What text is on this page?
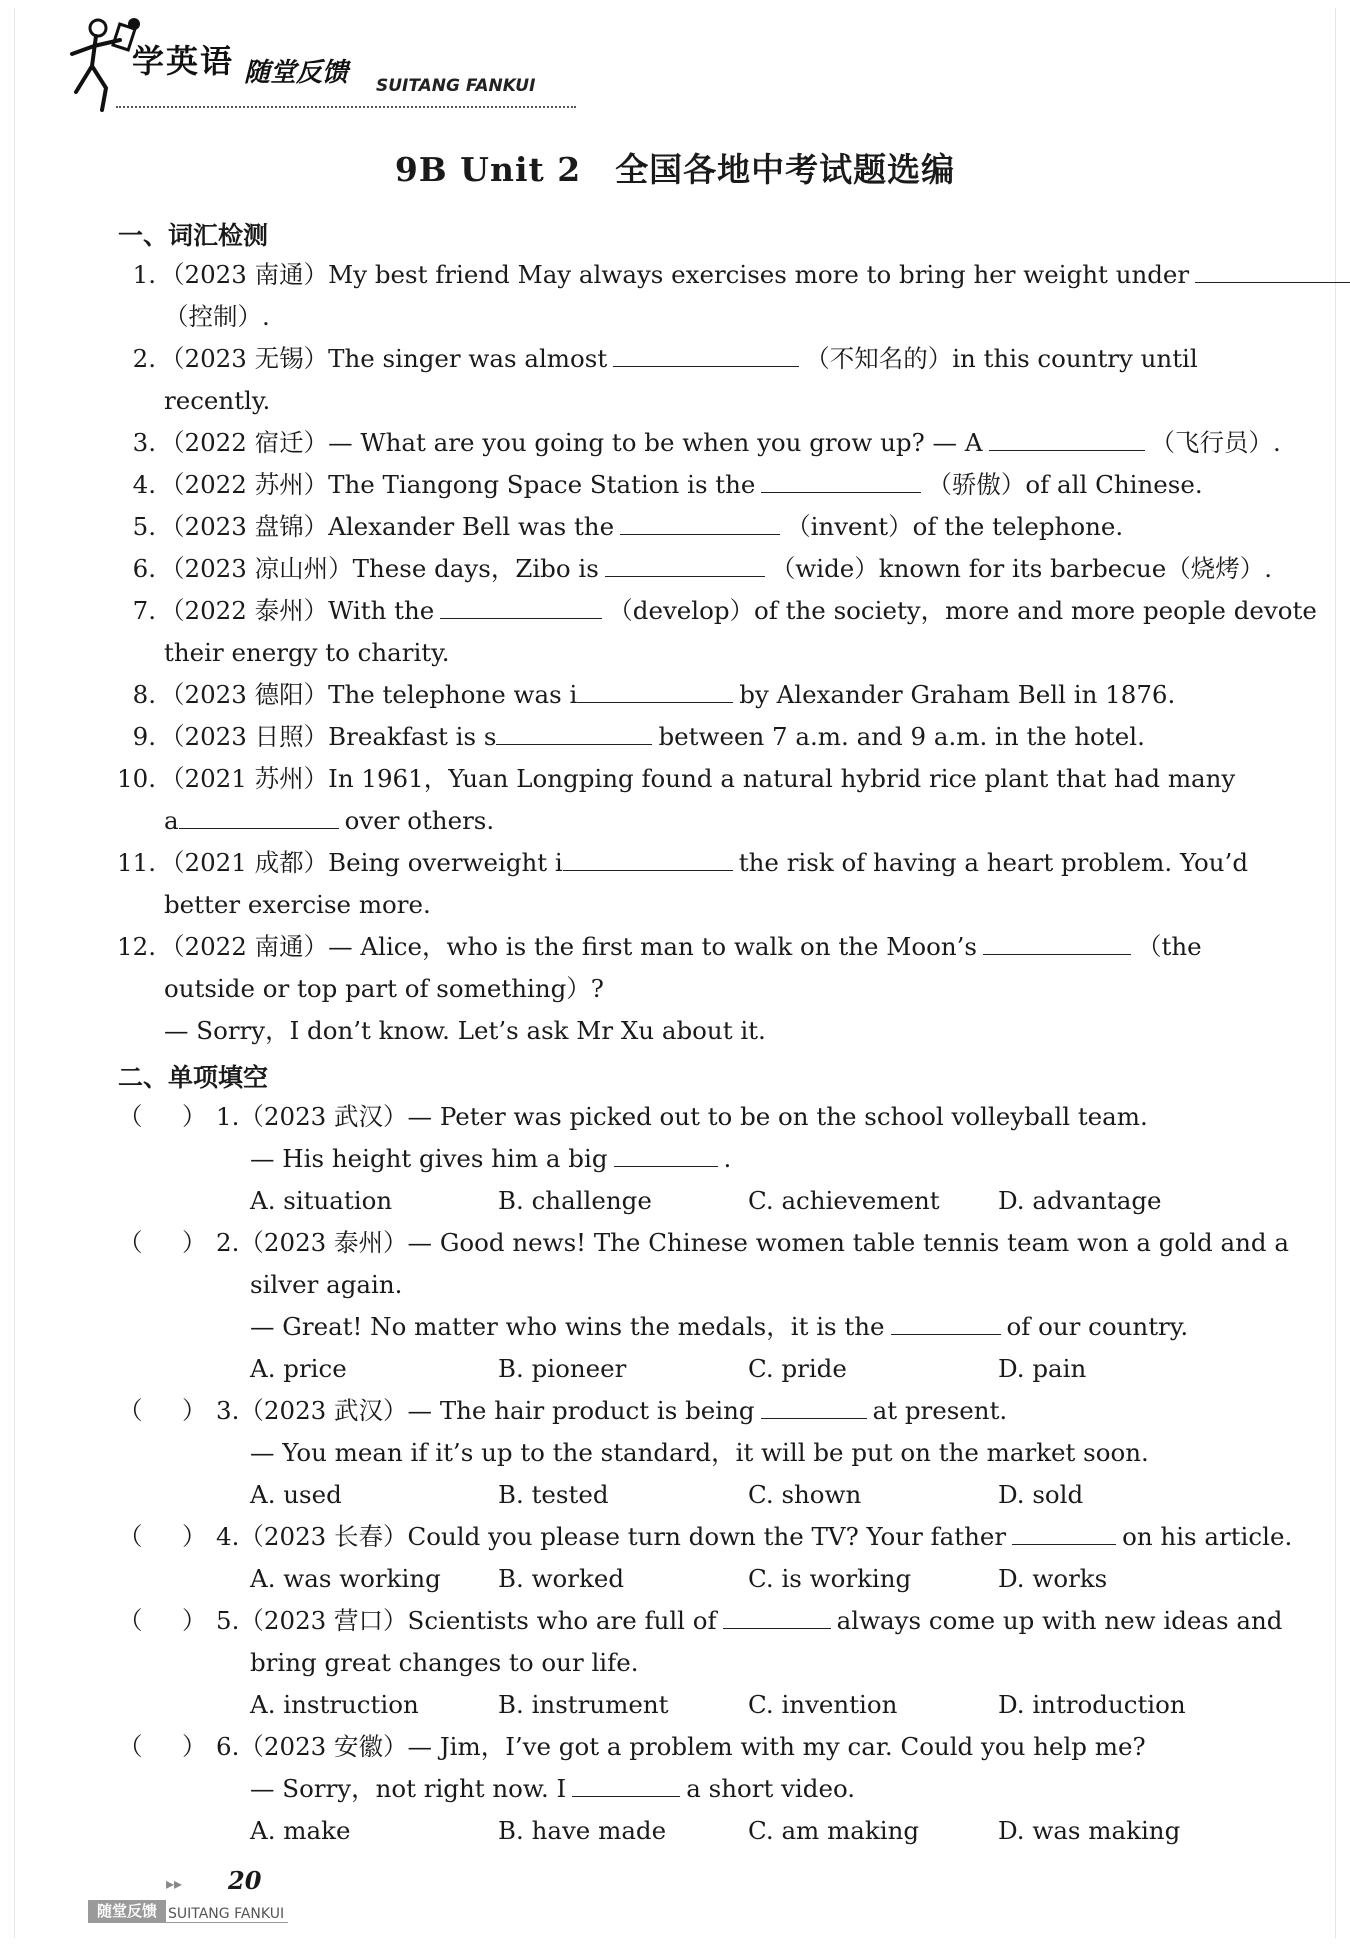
学英语 随堂反馈 SUITANG FANKUI
9B Unit 2　全国各地中考试题选编
一、词汇检测
1. （2023 南通）My best friend May always exercises more to bring her weight under
（控制）.
2. （2023 无锡）The singer was almost	（不知名的）in this country until
recently.
3. （2022 宿迁）— What are you going to be when you grow up? — A	（飞行员）.
4. （2022 苏州）The Tiangong Space Station is the	（骄傲）of all Chinese.
5. （2023 盘锦）Alexander Bell was the	（invent）of the telephone.
6. （2023 凉山州）These days，Zibo is	（wide）known for its barbecue（烧烤）.
7. （2022 泰州）With the	（develop）of the society，more and more people devote
their energy to charity.
8. （2023 德阳）The telephone was i	by Alexander Graham Bell in 1876.
9. （2023 日照）Breakfast is s	between 7 a.m. and 9 a.m. in the hotel.
10. （2021 苏州）In 1961，Yuan Longping found a natural hybrid rice plant that had many
a	over others.
11. （2021 成都）Being overweight i	the risk of having a heart problem. You’d
better exercise more.
12. （2022 南通）— Alice，who is the first man to walk on the Moon’s	（the
outside or top part of something）?
— Sorry，I don’t know. Let’s ask Mr Xu about it.
二、单项填空
（ ） 1.（2023 武汉）— Peter was picked out to be on the school volleyball team.
— His height gives him a big	.
A. situation	B. challenge	C. achievement D. advantage
（ ） 2.（2023 泰州）— Good news! The Chinese women table tennis team won a gold and a
silver again.
— Great! No matter who wins the medals，it is the	of our country.
A. price	B. pioneer	C. pride	D. pain
（ ） 3.（2023 武汉）— The hair product is being	at present.
— You mean if it’s up to the standard，it will be put on the market soon.
A. used	B. tested	C. shown	D. sold
（ ） 4.（2023 长春）Could you please turn down the TV? Your father	on his article.
A. was working B. worked	C. is working	D. works
（ ） 5.（2023 营口）Scientists who are full of	always come up with new ideas and
bring great changes to our life.
A. instruction	B. instrument	C. invention	D. introduction
（ ） 6.（2023 安徽）— Jim，I’ve got a problem with my car. Could you help me?
— Sorry，not right now. I	a short video.
A. make	B. have made	C. am making	D. was making
▸▸ 20
随堂反馈 SUITANG FANKUI
